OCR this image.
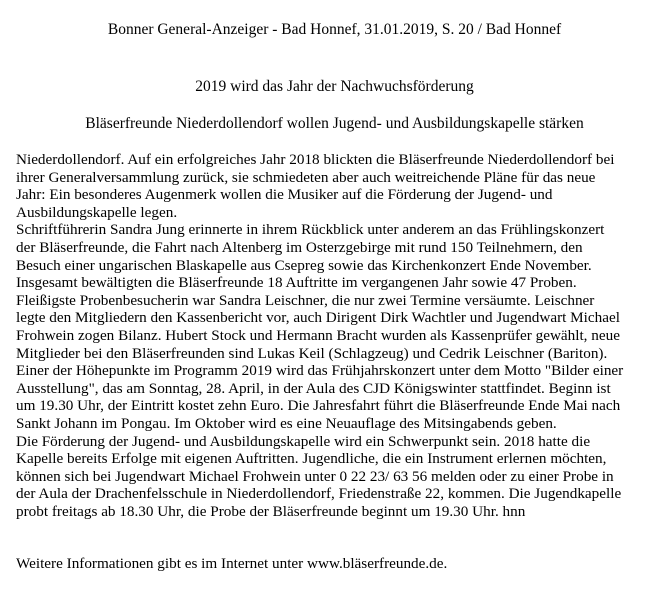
Bonner General-Anzeiger - Bad Honnef, 31.01.2019, S. 20 / Bad Honnef
2019 wird das Jahr der Nachwuchsförderung
Bläserfreunde Niederdollendorf wollen Jugend- und Ausbildungskapelle stärken
Niederdollendorf. Auf ein erfolgreiches Jahr 2018 blickten die Bläserfreunde Niederdollendorf bei
ihrer Generalversammlung zurück, sie schmiedeten aber auch weitreichende Pläne für das neue
Jahr: Ein besonderes Augenmerk wollen die Musiker auf die Förderung der Jugend- und
Ausbildungskapelle legen.
Schriftführerin Sandra Jung erinnerte in ihrem Rückblick unter anderem an das Frühlingskonzert
der Bläserfreunde, die Fahrt nach Altenberg im Osterzgebirge mit rund 150 Teilnehmern, den
Besuch einer ungarischen Blaskapelle aus Csepreg sowie das Kirchenkonzert Ende November.
Insgesamt bewältigten die Bläserfreunde 18 Auftritte im vergangenen Jahr sowie 47 Proben.
Fleißigste Probenbesucherin war Sandra Leischner, die nur zwei Termine versäumte. Leischner
legte den Mitgliedern den Kassenbericht vor, auch Dirigent Dirk Wachtler und Jugendwart Michael
Frohwein zogen Bilanz. Hubert Stock und Hermann Bracht wurden als Kassenprüfer gewählt, neue
Mitglieder bei den Bläserfreunden sind Lukas Keil (Schlagzeug) und Cedrik Leischner (Bariton).
Einer der Höhepunkte im Programm 2019 wird das Frühjahrskonzert unter dem Motto "Bilder einer
Ausstellung", das am Sonntag, 28. April, in der Aula des CJD Königswinter stattfindet. Beginn ist
um 19.30 Uhr, der Eintritt kostet zehn Euro. Die Jahresfahrt führt die Bläserfreunde Ende Mai nach
Sankt Johann im Pongau. Im Oktober wird es eine Neuauflage des Mitsingabends geben.
Die Förderung der Jugend- und Ausbildungskapelle wird ein Schwerpunkt sein. 2018 hatte die
Kapelle bereits Erfolge mit eigenen Auftritten. Jugendliche, die ein Instrument erlernen möchten,
können sich bei Jugendwart Michael Frohwein unter 0 22 23/ 63 56 melden oder zu einer Probe in
der Aula der Drachenfelsschule in Niederdollendorf, Friedenstraße 22, kommen. Die Jugendkapelle
probt freitags ab 18.30 Uhr, die Probe der Bläserfreunde beginnt um 19.30 Uhr. hnn
Weitere Informationen gibt es im Internet unter www.bläserfreunde.de.
